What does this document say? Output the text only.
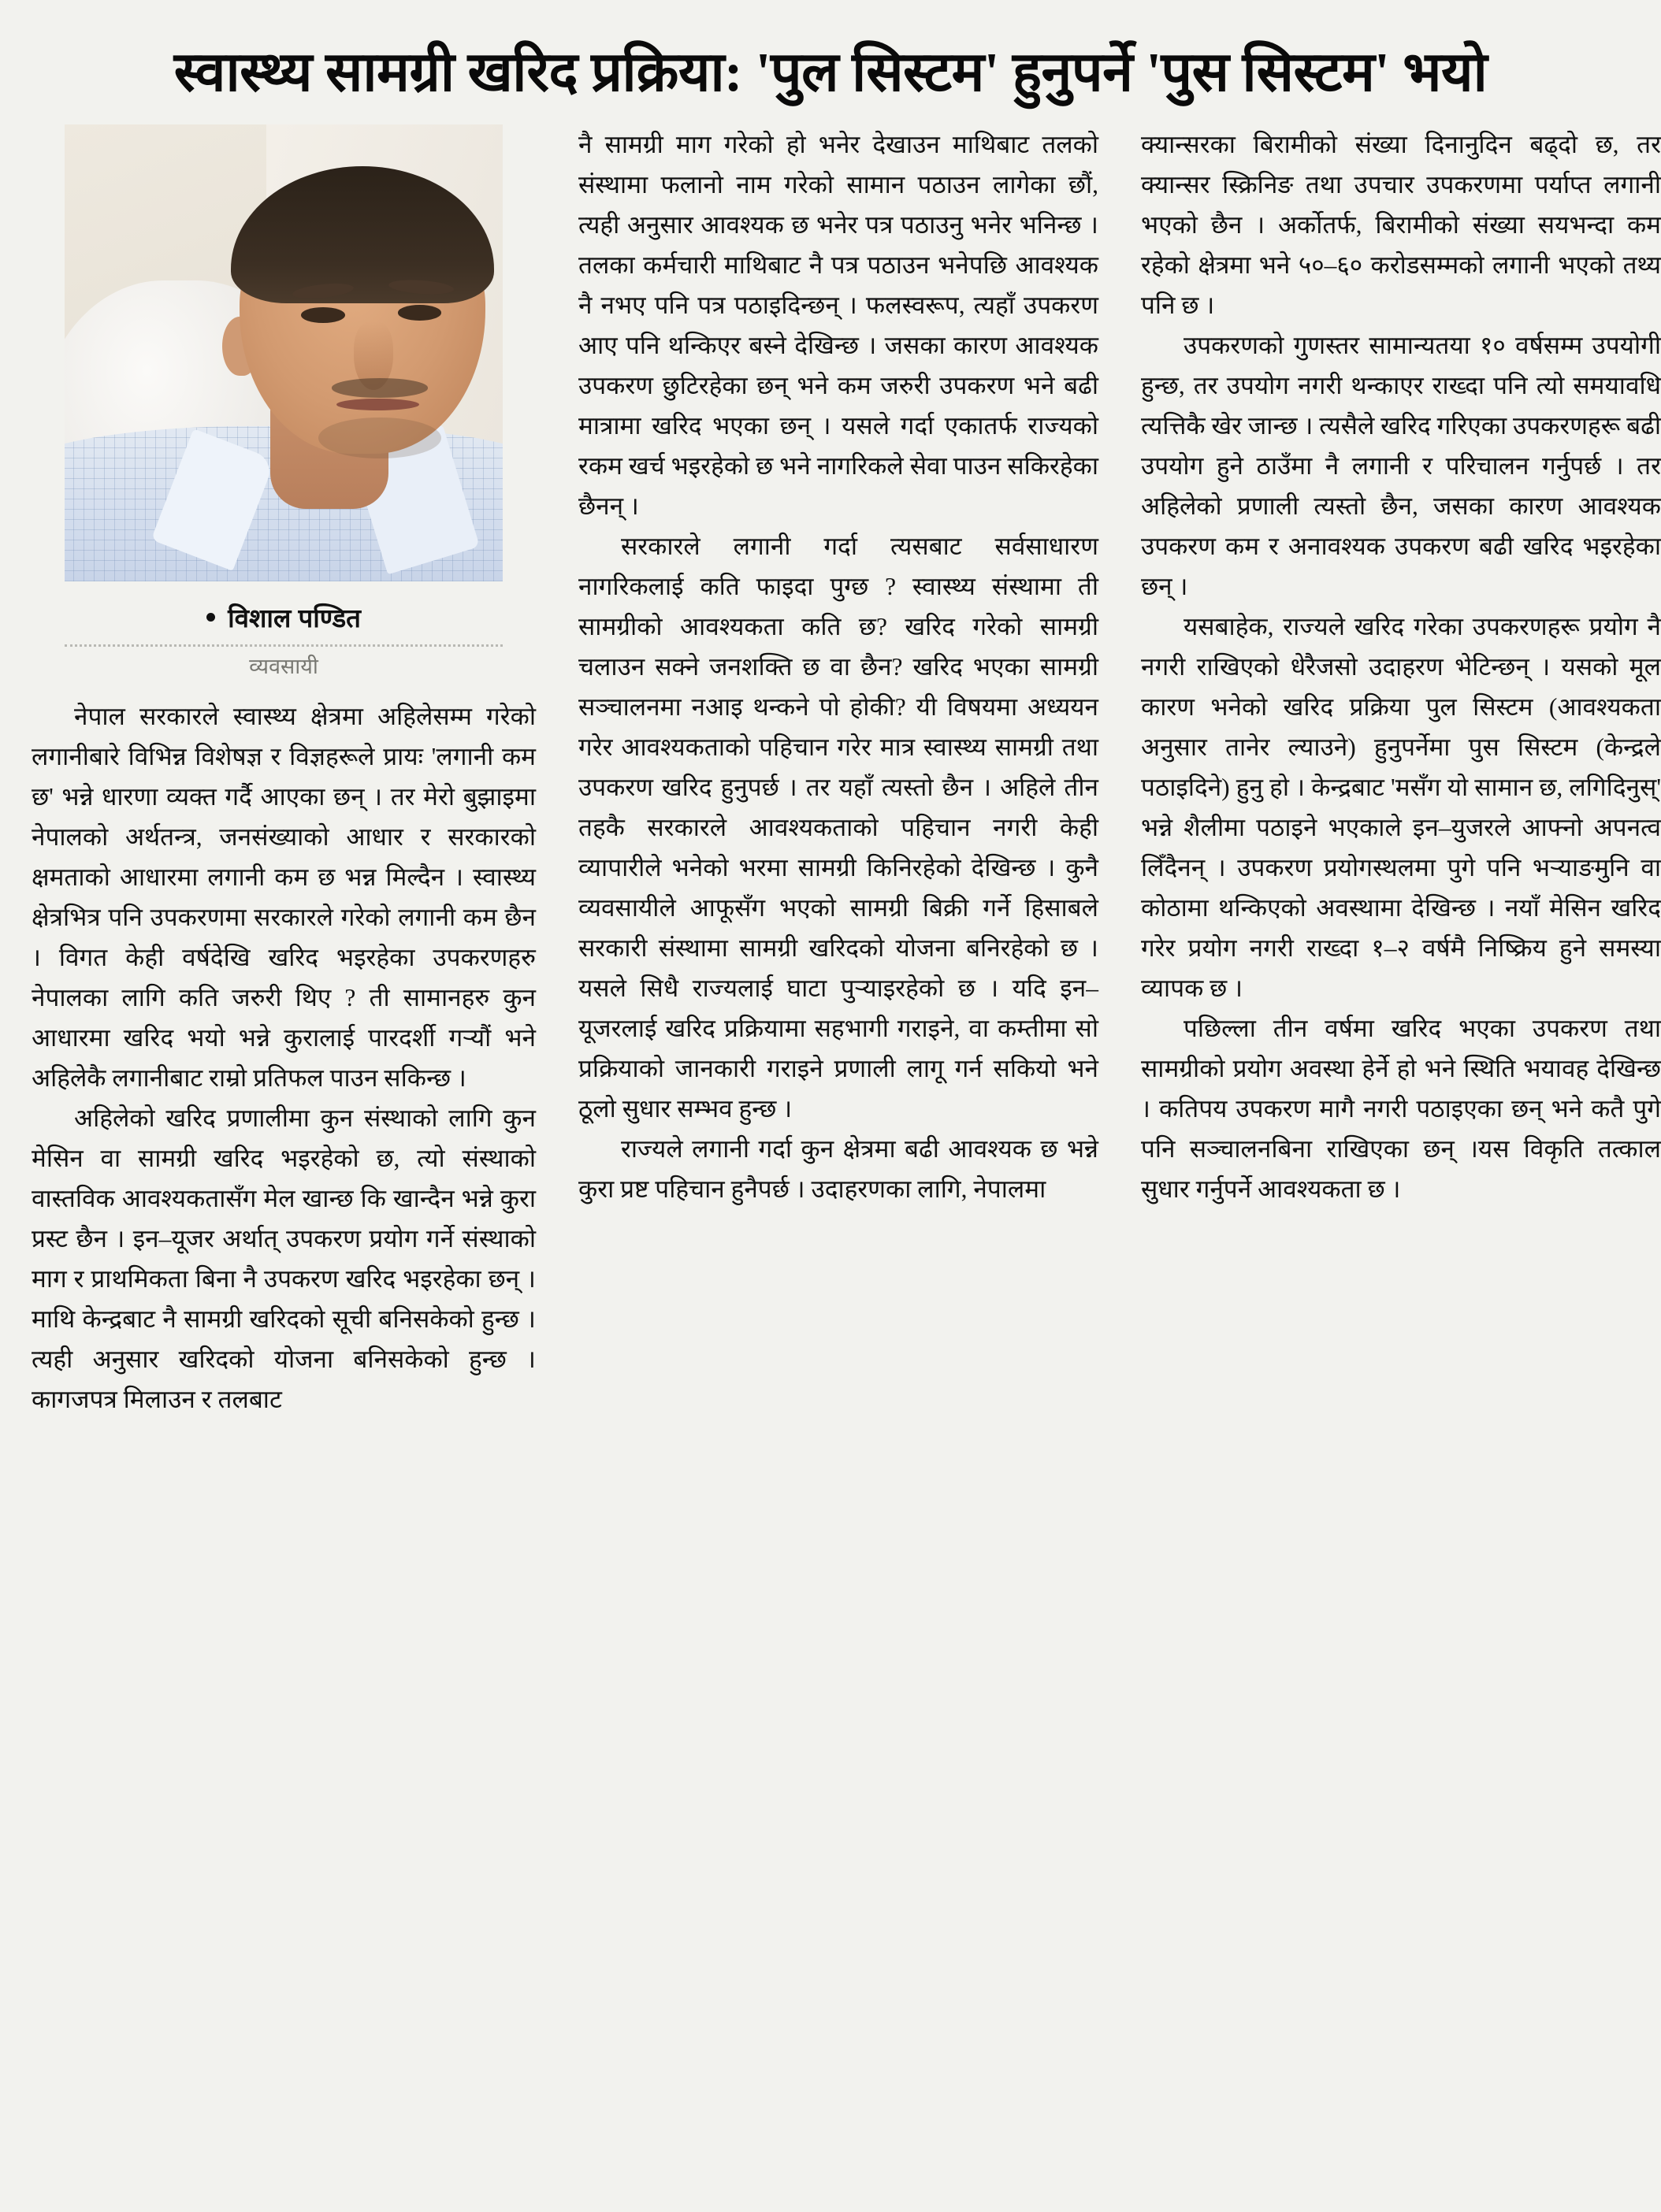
स्वास्थ्य सामग्री खरिद प्रक्रिया: 'पुल सिस्टम' हुनुपर्ने 'पुस सिस्टम' भयो
विशाल पण्डित
व्यवसायी

नेपाल सरकारले स्वास्थ्य क्षेत्रमा अहिलेसम्म गरेको लगानीबारे विभिन्न विशेषज्ञ र विज्ञहरूले प्रायः 'लगानी कम छ' भन्ने धारणा व्यक्त गर्दै आएका छन् । तर मेरो बुझाइमा नेपालको अर्थतन्त्र, जनसंख्याको आधार र सरकारको क्षमताको आधारमा लगानी कम छ भन्न मिल्दैन । स्वास्थ्य क्षेत्रभित्र पनि उपकरणमा सरकारले गरेको लगानी कम छैन । विगत केही वर्षदेखि खरिद भइरहेका उपकरणहरु नेपालका लागि कति जरुरी थिए ? ती सामानहरु कुन आधारमा खरिद भयो भन्ने कुरालाई पारदर्शी गर्‍यौं भने अहिलेकै लगानीबाट राम्रो प्रतिफल पाउन सकिन्छ ।

अहिलेको खरिद प्रणालीमा कुन संस्थाको लागि कुन मेसिन वा सामग्री खरिद भइरहेको छ, त्यो संस्थाको वास्तविक आवश्यकतासँग मेल खान्छ कि खान्दैन भन्ने कुरा प्रस्ट छैन । इन–यूजर अर्थात् उपकरण प्रयोग गर्ने संस्थाको माग र प्राथमिकता बिना नै उपकरण खरिद भइरहेका छन् । माथि केन्द्रबाट नै सामग्री खरिदको सूची बनिसकेको हुन्छ । त्यही अनुसार खरिदको योजना बनिसकेको हुन्छ । कागजपत्र मिलाउन र तलबाट

नै सामग्री माग गरेको हो भनेर देखाउन माथिबाट तलको संस्थामा फलानो नाम गरेको सामान पठाउन लागेका छौं, त्यही अनुसार आवश्यक छ भनेर पत्र पठाउनु भनेर भनिन्छ । तलका कर्मचारी माथिबाट नै पत्र पठाउन भनेपछि आवश्यक नै नभए पनि पत्र पठाइदिन्छन् । फलस्वरूप, त्यहाँ उपकरण आए पनि थन्किएर बस्ने देखिन्छ । जसका कारण आवश्यक उपकरण छुटिरहेका छन् भने कम जरुरी उपकरण भने बढी मात्रामा खरिद भएका छन् । यसले गर्दा एकातर्फ राज्यको रकम खर्च भइरहेको छ भने नागरिकले सेवा पाउन सकिरहेका छैनन् ।

सरकारले लगानी गर्दा त्यसबाट सर्वसाधारण नागरिकलाई कति फाइदा पुग्छ ? स्वास्थ्य संस्थामा ती सामग्रीको आवश्यकता कति छ? खरिद गरेको सामग्री चलाउन सक्ने जनशक्ति छ वा छैन? खरिद भएका सामग्री सञ्चालनमा नआइ थन्कने पो होकी? यी विषयमा अध्ययन गरेर आवश्यकताको पहिचान गरेर मात्र स्वास्थ्य सामग्री तथा उपकरण खरिद हुनुपर्छ । तर यहाँ त्यस्तो छैन । अहिले तीन तहकै सरकारले आवश्यकताको पहिचान नगरी केही व्यापारीले भनेको भरमा सामग्री किनिरहेको देखिन्छ । कुनै व्यवसायीले आफूसँग भएको सामग्री बिक्री गर्ने हिसाबले सरकारी संस्थामा सामग्री खरिदको योजना बनिरहेको छ । यसले सिधै राज्यलाई घाटा पुर्‍याइरहेको छ । यदि इन–यूजरलाई खरिद प्रक्रियामा सहभागी गराइने, वा कम्तीमा सो प्रक्रियाको जानकारी गराइने प्रणाली लागू गर्न सकियो भने ठूलो सुधार सम्भव हुन्छ ।

राज्यले लगानी गर्दा कुन क्षेत्रमा बढी आवश्यक छ भन्ने कुरा प्रष्ट पहिचान हुनैपर्छ । उदाहरणका लागि, नेपालमा

क्यान्सरका बिरामीको संख्या दिनानुदिन बढ्दो छ, तर क्यान्सर स्क्रिनिङ तथा उपचार उपकरणमा पर्याप्त लगानी भएको छैन । अर्कोतर्फ, बिरामीको संख्या सयभन्दा कम रहेको क्षेत्रमा भने ५०–६० करोडसम्मको लगानी भएको तथ्य पनि छ ।

उपकरणको गुणस्तर सामान्यतया १० वर्षसम्म उपयोगी हुन्छ, तर उपयोग नगरी थन्काएर राख्दा पनि त्यो समयावधि त्यत्तिकै खेर जान्छ । त्यसैले खरिद गरिएका उपकरणहरू बढी उपयोग हुने ठाउँमा नै लगानी र परिचालन गर्नुपर्छ । तर अहिलेको प्रणाली त्यस्तो छैन, जसका कारण आवश्यक उपकरण कम र अनावश्यक उपकरण बढी खरिद भइरहेका छन् ।

यसबाहेक, राज्यले खरिद गरेका उपकरणहरू प्रयोग नै नगरी राखिएको धेरैजसो उदाहरण भेटिन्छन् । यसको मूल कारण भनेको खरिद प्रक्रिया पुल सिस्टम (आवश्यकता अनुसार तानेर ल्याउने) हुनुपर्नेमा पुस सिस्टम (केन्द्रले पठाइदिने) हुनु हो । केन्द्रबाट 'मसँग यो सामान छ, लगिदिनुस्' भन्ने शैलीमा पठाइने भएकाले इन–युजरले आफ्नो अपनत्व लिँदैनन् । उपकरण प्रयोगस्थलमा पुगे पनि भर्‍याङमुनि वा कोठामा थन्किएको अवस्थामा देखिन्छ । नयाँ मेसिन खरिद गरेर प्रयोग नगरी राख्दा १–२ वर्षमै निष्क्रिय हुने समस्या व्यापक छ ।

पछिल्ला तीन वर्षमा खरिद भएका उपकरण तथा सामग्रीको प्रयोग अवस्था हेर्ने हो भने स्थिति भयावह देखिन्छ । कतिपय उपकरण मागै नगरी पठाइएका छन् भने कतै पुगे पनि सञ्चालनबिना राखिएका छन् ।यस विकृति तत्काल सुधार गर्नुपर्ने आवश्यकता छ ।
